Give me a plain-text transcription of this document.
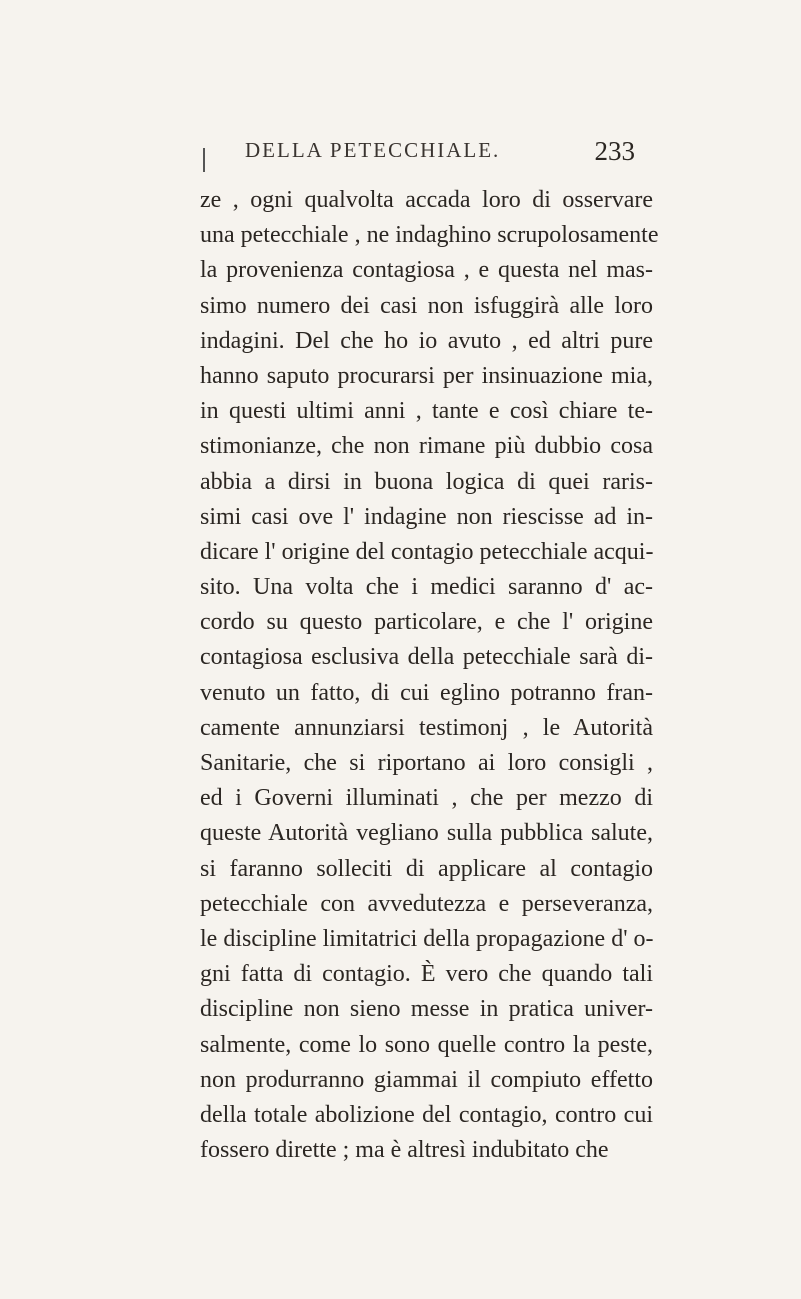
DELLA PETECCHIALE.	233
ze , ogni qualvolta accada loro di osservare
una petecchiale , ne indaghino scrupolosamente
la provenienza contagiosa , e questa nel mas-
simo numero dei casi non isfuggirà alle loro
indagini. Del che ho io avuto , ed altri pure
hanno saputo procurarsi per insinuazione mia,
in questi ultimi anni , tante e così chiare te-
stimonianze, che non rimane più dubbio cosa
abbia a dirsi in buona logica di quei raris-
simi casi ove l' indagine non riescisse ad in-
dicare l' origine del contagio petecchiale acqui-
sito. Una volta che i medici saranno d' ac-
cordo su questo particolare, e che l' origine
contagiosa esclusiva della petecchiale sarà di-
venuto un fatto, di cui eglino potranno fran-
camente annunziarsi testimonj , le Autorità
Sanitarie, che si riportano ai loro consigli ,
ed i Governi illuminati , che per mezzo di
queste Autorità vegliano sulla pubblica salute,
si faranno solleciti di applicare al contagio
petecchiale con avvedutezza e perseveranza,
le discipline limitatrici della propagazione d' o-
gni fatta di contagio. È vero che quando tali
discipline non sieno messe in pratica univer-
salmente, come lo sono quelle contro la peste,
non produrranno giammai il compiuto effetto
della totale abolizione del contagio, contro cui
fossero dirette ; ma è altresì indubitato che
